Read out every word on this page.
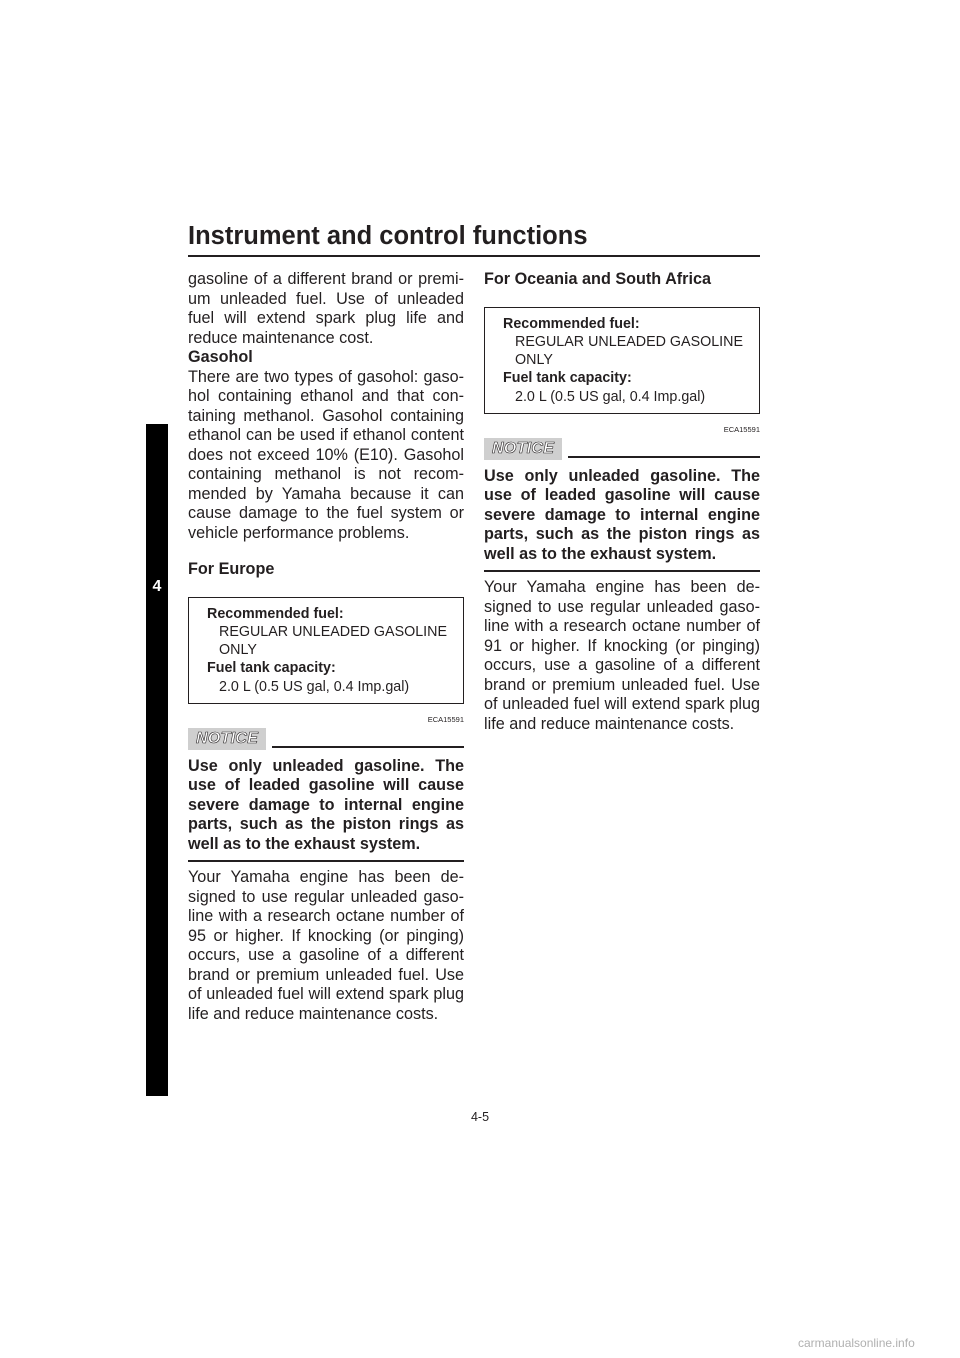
Instrument and control functions
4

gasoline of a different brand or premi-um unleaded fuel. Use of unleaded fuel will extend spark plug life and reduce maintenance cost.

Gasohol

There are two types of gasohol: gaso-hol containing ethanol and that con-taining methanol. Gasohol containing ethanol can be used if ethanol content does not exceed 10% (E10). Gasohol containing methanol is not recom-mended by Yamaha because it can cause damage to the fuel system or vehicle performance problems.

For Europe

Recommended fuel:
REGULAR UNLEADED GASOLINE ONLY
Fuel tank capacity:
2.0 L (0.5 US gal, 0.4 Imp.gal)
ECA15591
NOTICE
Use only unleaded gasoline. The use of leaded gasoline will cause severe damage to internal engine parts, such as the piston rings as well as to the exhaust system.

Your Yamaha engine has been de-signed to use regular unleaded gaso-line with a research octane number of 95 or higher. If knocking (or pinging) occurs, use a gasoline of a different brand or premium unleaded fuel. Use of unleaded fuel will extend spark plug life and reduce maintenance costs.

For Oceania and South Africa

Recommended fuel:
REGULAR UNLEADED GASOLINE ONLY
Fuel tank capacity:
2.0 L (0.5 US gal, 0.4 Imp.gal)
ECA15591
NOTICE
Use only unleaded gasoline. The use of leaded gasoline will cause severe damage to internal engine parts, such as the piston rings as well as to the exhaust system.

Your Yamaha engine has been de-signed to use regular unleaded gaso-line with a research octane number of 91 or higher. If knocking (or pinging) occurs, use a gasoline of a different brand or premium unleaded fuel. Use of unleaded fuel will extend spark plug life and reduce maintenance costs.

4-5
carmanualsonline.info
